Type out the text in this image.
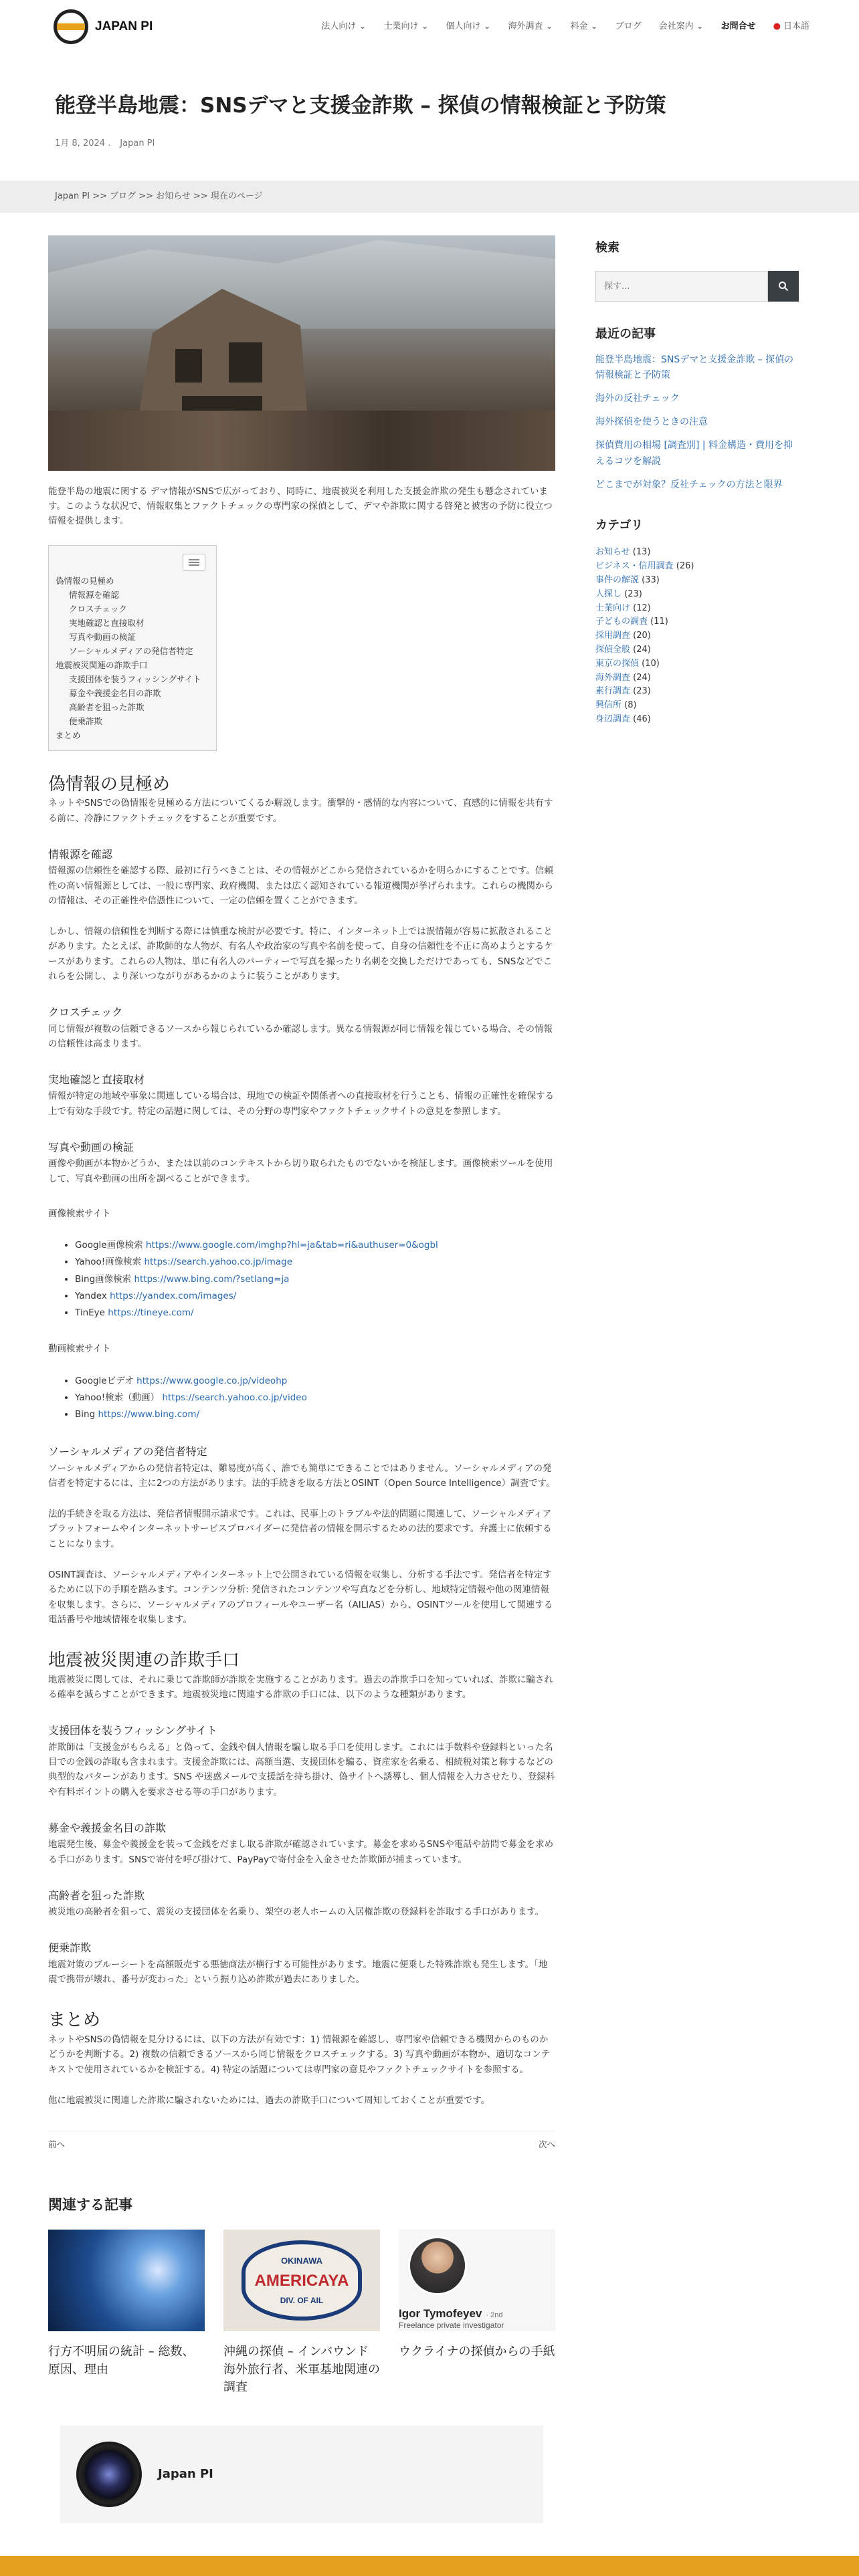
JAPAN PI	法人向け ⌄ 士業向け ⌄ 個人向け ⌄ 海外調査 ⌄ 料金 ⌄ ブログ 会社案内 ⌄ お問合せ ● 日本語
能登半島地震：SNSデマと支援金詐欺 – 探偵の情報検証と予防策
1月 8, 2024 . Japan PI
Japan PI >> ブログ >> お知らせ >> 現在のページ

能登半島の地震に関する デマ情報がSNSで広がっており、同時に、地震被災を利用した支援金詐欺の発生も懸念されています。このような状況で、情報収集とファクトチェックの専門家の探偵として、デマや詐欺に関する啓発と被害の予防に役立つ情報を提供します。

偽情報の見極め
情報源を確認
クロスチェック
実地確認と直接取材
写真や動画の検証
ソーシャルメディアの発信者特定
地震被災関連の詐欺手口
支援団体を装うフィッシングサイト
募金や義援金名目の詐欺
高齢者を狙った詐欺
便乗詐欺
まとめ
偽情報の見極め

ネットやSNSでの偽情報を見極める方法についてくるか解説します。衝撃的・感情的な内容について、直感的に情報を共有する前に、冷静にファクトチェックをすることが重要です。

情報源を確認

情報源の信頼性を確認する際、最初に行うべきことは、その情報がどこから発信されているかを明らかにすることです。信頼性の高い情報源としては、一般に専門家、政府機関、または広く認知されている報道機関が挙げられます。これらの機関からの情報は、その正確性や信憑性について、一定の信頼を置くことができます。

しかし、情報の信頼性を判断する際には慎重な検討が必要です。特に、インターネット上では誤情報が容易に拡散されることがあります。たとえば、詐欺師的な人物が、有名人や政治家の写真や名前を使って、自身の信頼性を不正に高めようとするケースがあります。これらの人物は、単に有名人のパーティーで写真を撮ったり名刺を交換しただけであっても、SNSなどでこれらを公開し、より深いつながりがあるかのように装うことがあります。

クロスチェック

同じ情報が複数の信頼できるソースから報じられているか確認します。異なる情報源が同じ情報を報じている場合、その情報の信頼性は高まります。

実地確認と直接取材

情報が特定の地域や事象に関連している場合は、現地での検証や関係者への直接取材を行うことも、情報の正確性を確保する上で有効な手段です。特定の話題に関しては、その分野の専門家やファクトチェックサイトの意見を参照します。

写真や動画の検証

画像や動画が本物かどうか、または以前のコンテキストから切り取られたものでないかを検証します。画像検索ツールを使用して、写真や動画の出所を調べることができます。

画像検索サイト
• Google画像検索 https://www.google.com/imghp?hl=ja&tab=ri&authuser=0&ogbl
• Yahoo!画像検索 https://search.yahoo.co.jp/image
• Bing画像検索 https://www.bing.com/?setlang=ja
• Yandex https://yandex.com/images/
• TinEye https://tineye.com/
動画検索サイト
• Googleビデオ https://www.google.co.jp/videohp
• Yahoo!検索（動画） https://search.yahoo.co.jp/video
• Bing https://www.bing.com/
ソーシャルメディアの発信者特定

ソーシャルメディアからの発信者特定は、難易度が高く、誰でも簡単にできることではありません。ソーシャルメディアの発信者を特定するには、主に2つの方法があります。法的手続きを取る方法とOSINT（Open Source Intelligence）調査です。

法的手続きを取る方法は、発信者情報開示請求です。これは、民事上のトラブルや法的問題に関連して、ソーシャルメディアプラットフォームやインターネットサービスプロバイダーに発信者の情報を開示するための法的要求です。弁護士に依頼することになります。

OSINT調査は、ソーシャルメディアやインターネット上で公開されている情報を収集し、分析する手法です。発信者を特定するために以下の手順を踏みます。コンテンツ分析: 発信されたコンテンツや写真などを分析し、地域特定情報や他の関連情報を収集します。さらに、ソーシャルメディアのプロフィールやユーザー名（AILIAS）から、OSINTツールを使用して関連する電話番号や地域情報を収集します。

地震被災関連の詐欺手口

地震被災に関しては、それに乗じて詐欺師が詐欺を実施することがあります。過去の詐欺手口を知っていれば、詐欺に騙される確率を減らすことができます。地震被災地に関連する詐欺の手口には、以下のような種類があります。

支援団体を装うフィッシングサイト

詐欺師は「支援金がもらえる」と偽って、金銭や個人情報を騙し取る手口を使用します。これには手数料や登録料といった名目での金銭の詐取も含まれます。支援金詐欺には、高額当選、支援団体を騙る、資産家を名乗る、相続税対策と称するなどの典型的なパターンがあります。SNS や迷惑メールで支援話を持ち掛け、偽サイトへ誘導し、個人情報を入力させたり、登録料や有料ポイントの購入を要求させる等の手口があります。

募金や義援金名目の詐欺

地震発生後、募金や義援金を装って金銭をだまし取る詐欺が確認されています。募金を求めるSNSや電話や訪問で募金を求める手口があります。SNSで寄付を呼び掛けて、PayPayで寄付金を入金させた詐欺師が捕まっています。

高齢者を狙った詐欺

被災地の高齢者を狙って、震災の支援団体を名乗り、架空の老人ホームの入居権詐欺の登録料を詐取する手口があります。

便乗詐欺

地震対策のブルーシートを高額販売する悪徳商法が横行する可能性があります。地震に便乗した特殊詐欺も発生します。「地震で携帯が壊れ、番号が変わった」という振り込め詐欺が過去にありました。

まとめ

ネットやSNSの偽情報を見分けるには、以下の方法が有効です：1) 情報源を確認し、専門家や信頼できる機関からのものかどうかを判断する。2) 複数の信頼できるソースから同じ情報をクロスチェックする。3) 写真や動画が本物か、適切なコンテキストで使用されているかを検証する。4) 特定の話題については専門家の意見やファクトチェックサイトを参照する。

他に地震被災に関連した詐欺に騙されないためには、過去の詐欺手口について周知しておくことが重要です。

前へ	次へ
関連する記事
行方不明届の統計 – 総数、原因、理由
OKINAWA
AMERICAYA
DIV. OF AIL
沖縄の探偵 – インバウンド海外旅行者、米軍基地関連の調査
Igor Tymofeyev · 2nd
Freelance private investigator
ウクライナの探偵からの手紙
Japan PI
検索
探す...
最近の記事
能登半島地震：SNSデマと支援金詐欺 – 探偵の情報検証と予防策
海外の反社チェック
海外探偵を使うときの注意
探偵費用の相場 [調査別] | 料金構造・費用を抑えるコツを解説
どこまでが対象？反社チェックの方法と限界
カテゴリ
お知らせ (13)
ビジネス・信用調査 (26)
事件の解説 (33)
人探し (23)
士業向け (12)
子どもの調査 (11)
採用調査 (20)
探偵全般 (24)
東京の探偵 (10)
海外調査 (24)
素行調査 (23)
興信所 (8)
身辺調査 (46)
